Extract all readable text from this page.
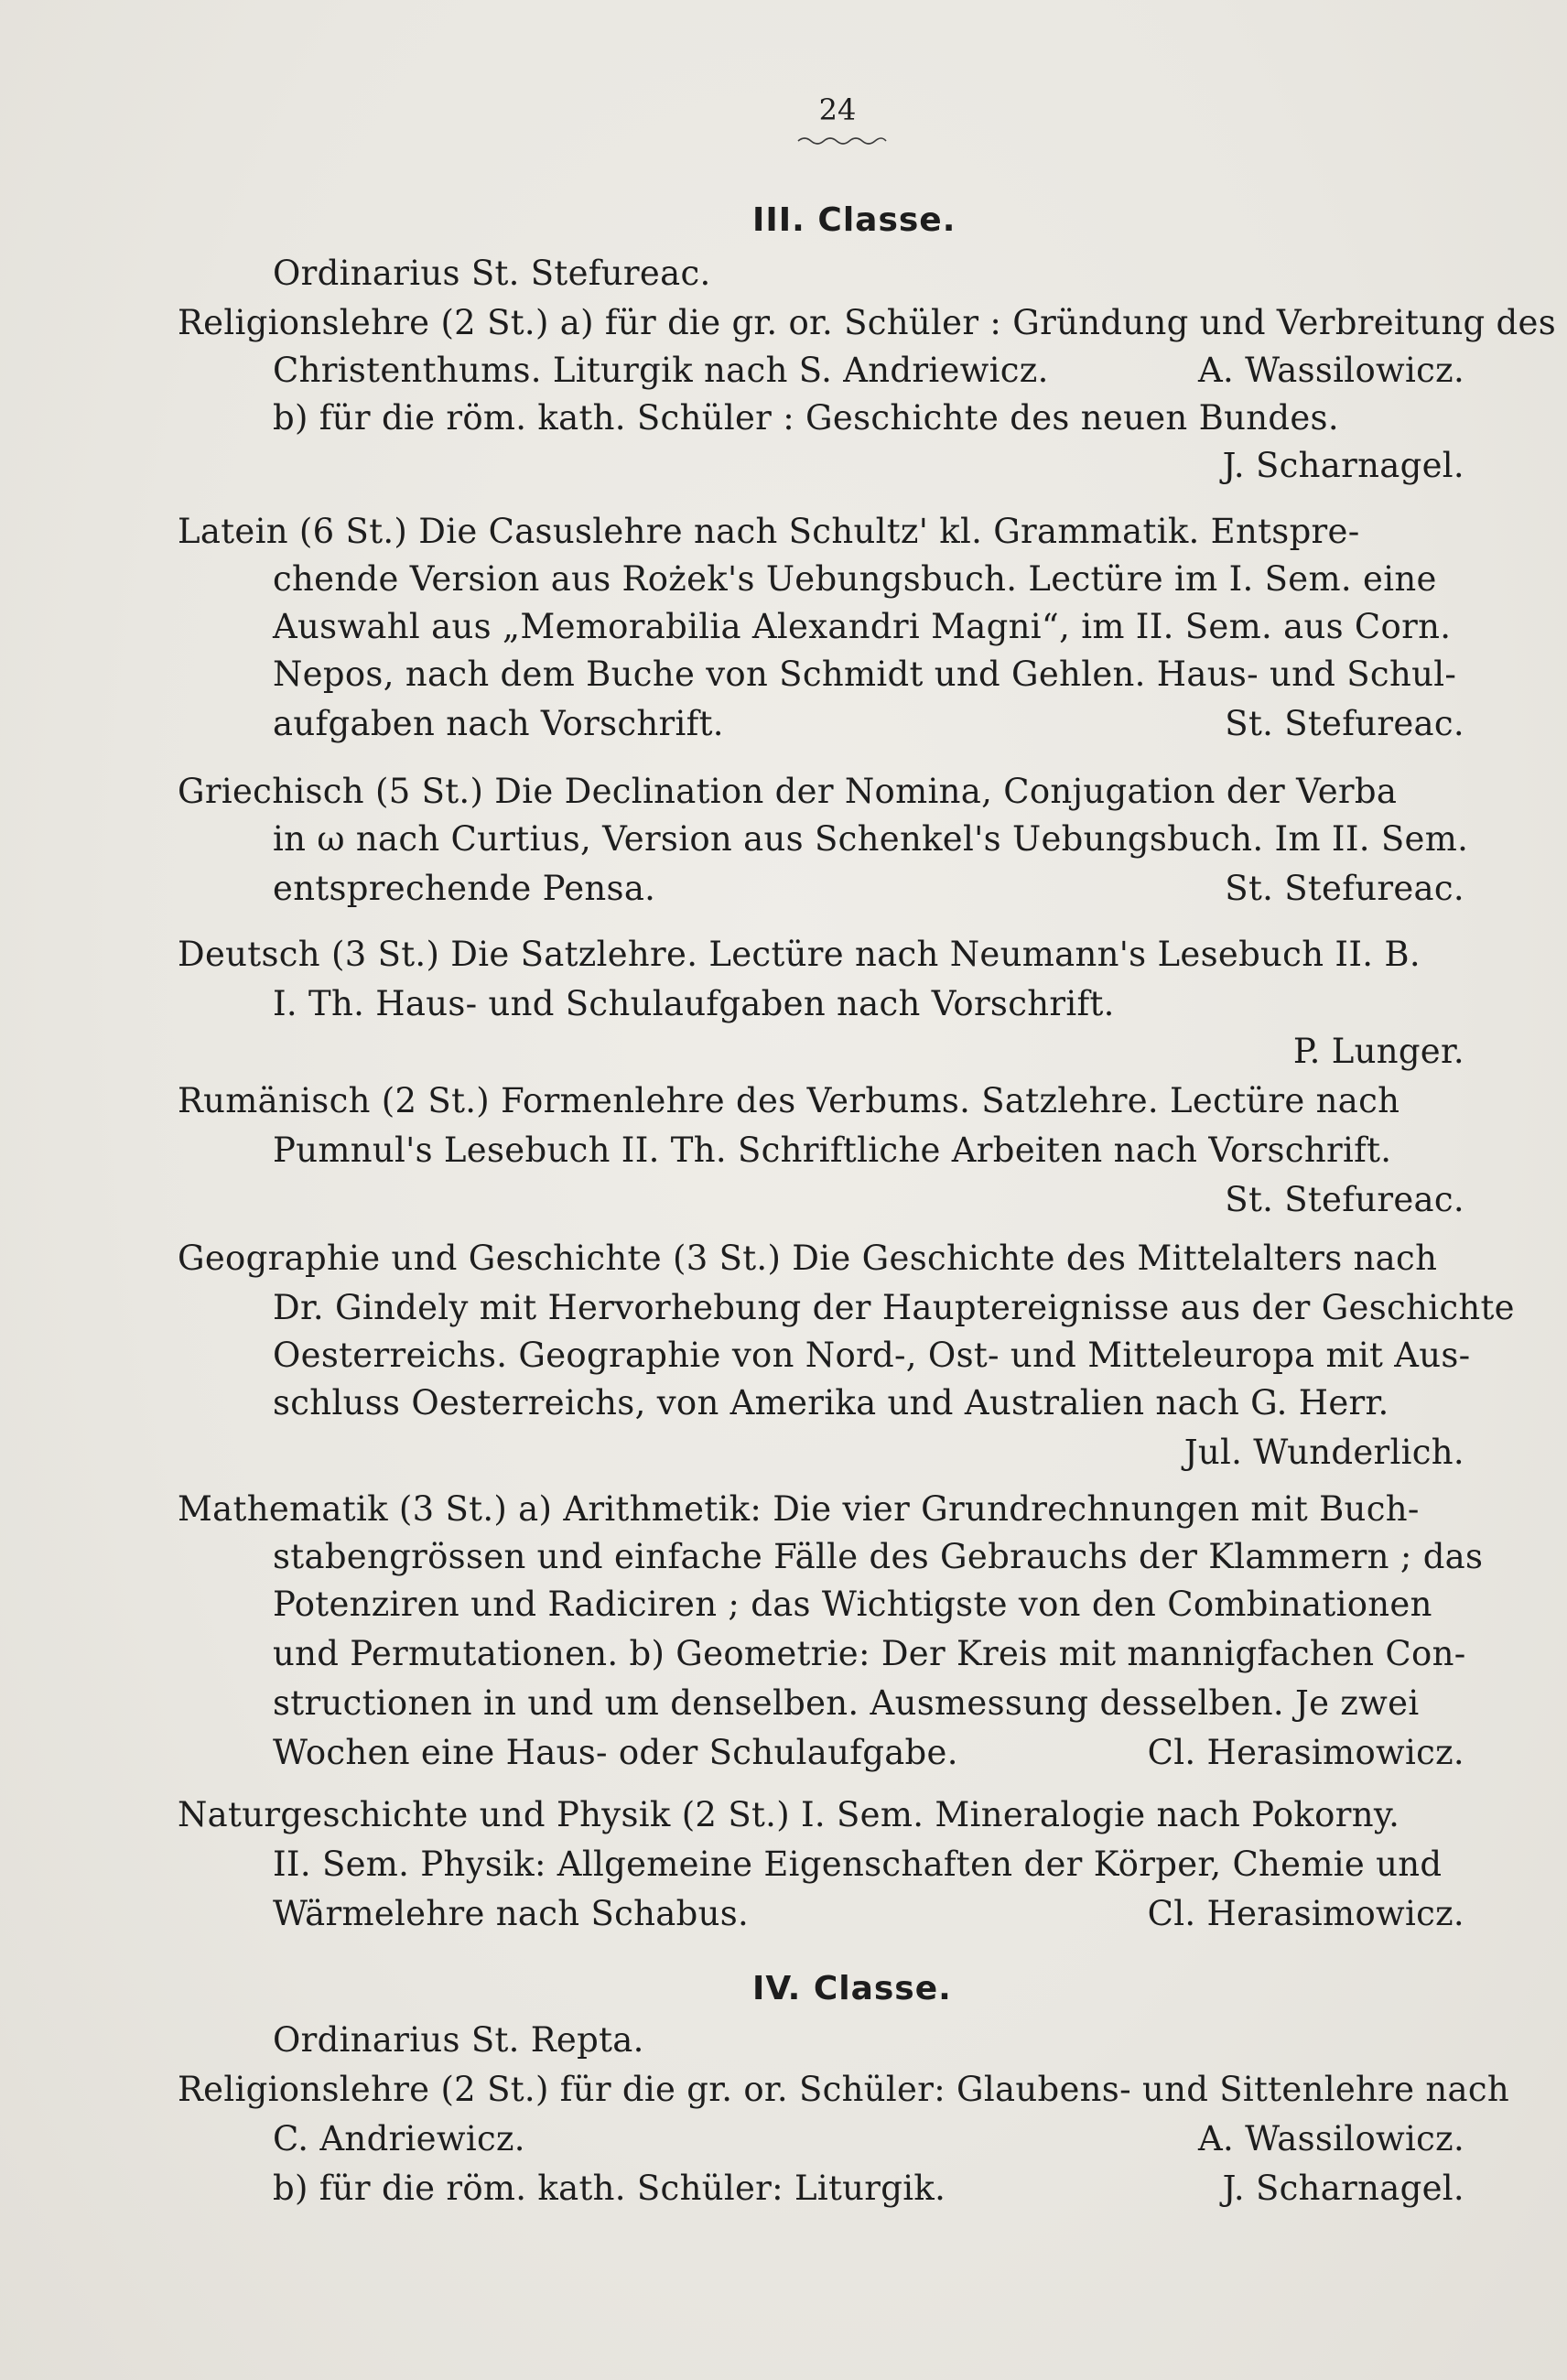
24
III. Classe.
Ordinarius St. Stefureac.
Religionslehre (2 St.) a) für die gr. or. Schüler : Gründung und Verbreitung des
Christenthums. Liturgik nach S. Andriewicz.	A. Wassilowicz.
b) für die röm. kath. Schüler : Geschichte des neuen Bundes.
J. Scharnagel.
Latein (6 St.) Die Casuslehre nach Schultz' kl. Grammatik. Entspre-
chende Version aus Rożek's Uebungsbuch. Lectüre im I. Sem. eine
Auswahl aus „Memorabilia Alexandri Magni“, im II. Sem. aus Corn.
Nepos, nach dem Buche von Schmidt und Gehlen. Haus- und Schul-
aufgaben nach Vorschrift.	St. Stefureac.
Griechisch (5 St.) Die Declination der Nomina, Conjugation der Verba
in ω nach Curtius, Version aus Schenkel's Uebungsbuch. Im II. Sem.
entsprechende Pensa.	St. Stefureac.
Deutsch (3 St.) Die Satzlehre. Lectüre nach Neumann's Lesebuch II. B.
I. Th. Haus- und Schulaufgaben nach Vorschrift.
P. Lunger.
Rumänisch (2 St.) Formenlehre des Verbums. Satzlehre. Lectüre nach
Pumnul's Lesebuch II. Th. Schriftliche Arbeiten nach Vorschrift.
St. Stefureac.
Geographie und Geschichte (3 St.) Die Geschichte des Mittelalters nach
Dr. Gindely mit Hervorhebung der Hauptereignisse aus der Geschichte
Oesterreichs. Geographie von Nord-, Ost- und Mitteleuropa mit Aus-
schluss Oesterreichs, von Amerika und Australien nach G. Herr.
Jul. Wunderlich.
Mathematik (3 St.) a) Arithmetik: Die vier Grundrechnungen mit Buch-
stabengrössen und einfache Fälle des Gebrauchs der Klammern ; das
Potenziren und Radiciren ; das Wichtigste von den Combinationen
und Permutationen. b) Geometrie: Der Kreis mit mannigfachen Con-
structionen in und um denselben. Ausmessung desselben. Je zwei
Wochen eine Haus- oder Schulaufgabe.	Cl. Herasimowicz.
Naturgeschichte und Physik (2 St.) I. Sem. Mineralogie nach Pokorny.
II. Sem. Physik: Allgemeine Eigenschaften der Körper, Chemie und
Wärmelehre nach Schabus.	Cl. Herasimowicz.
IV. Classe.
Ordinarius St. Repta.
Religionslehre (2 St.) für die gr. or. Schüler: Glaubens- und Sittenlehre nach
C. Andriewicz.	A. Wassilowicz.
b) für die röm. kath. Schüler: Liturgik.	J. Scharnagel.
